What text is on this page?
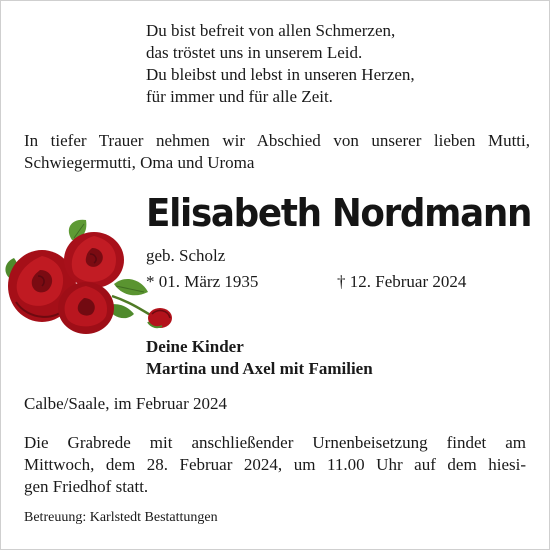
Du bist befreit von allen Schmerzen,
das tröstet uns in unserem Leid.
Du bleibst und lebst in unseren Herzen,
für immer und für alle Zeit.
In tiefer Trauer nehmen wir Abschied von unserer lieben Mutti,
Schwiegermutti, Oma und Uroma
Elisabeth Nordmann
geb. Scholz
* 01. März 1935	† 12. Februar 2024
Deine Kinder
Martina und Axel mit Familien
Calbe/Saale, im Februar 2024
Die Grabrede mit anschließender Urnenbeisetzung findet am
Mittwoch, dem 28. Februar 2024, um 11.00 Uhr auf dem hiesi-
gen Friedhof statt.
Betreuung: Karlstedt Bestattungen
